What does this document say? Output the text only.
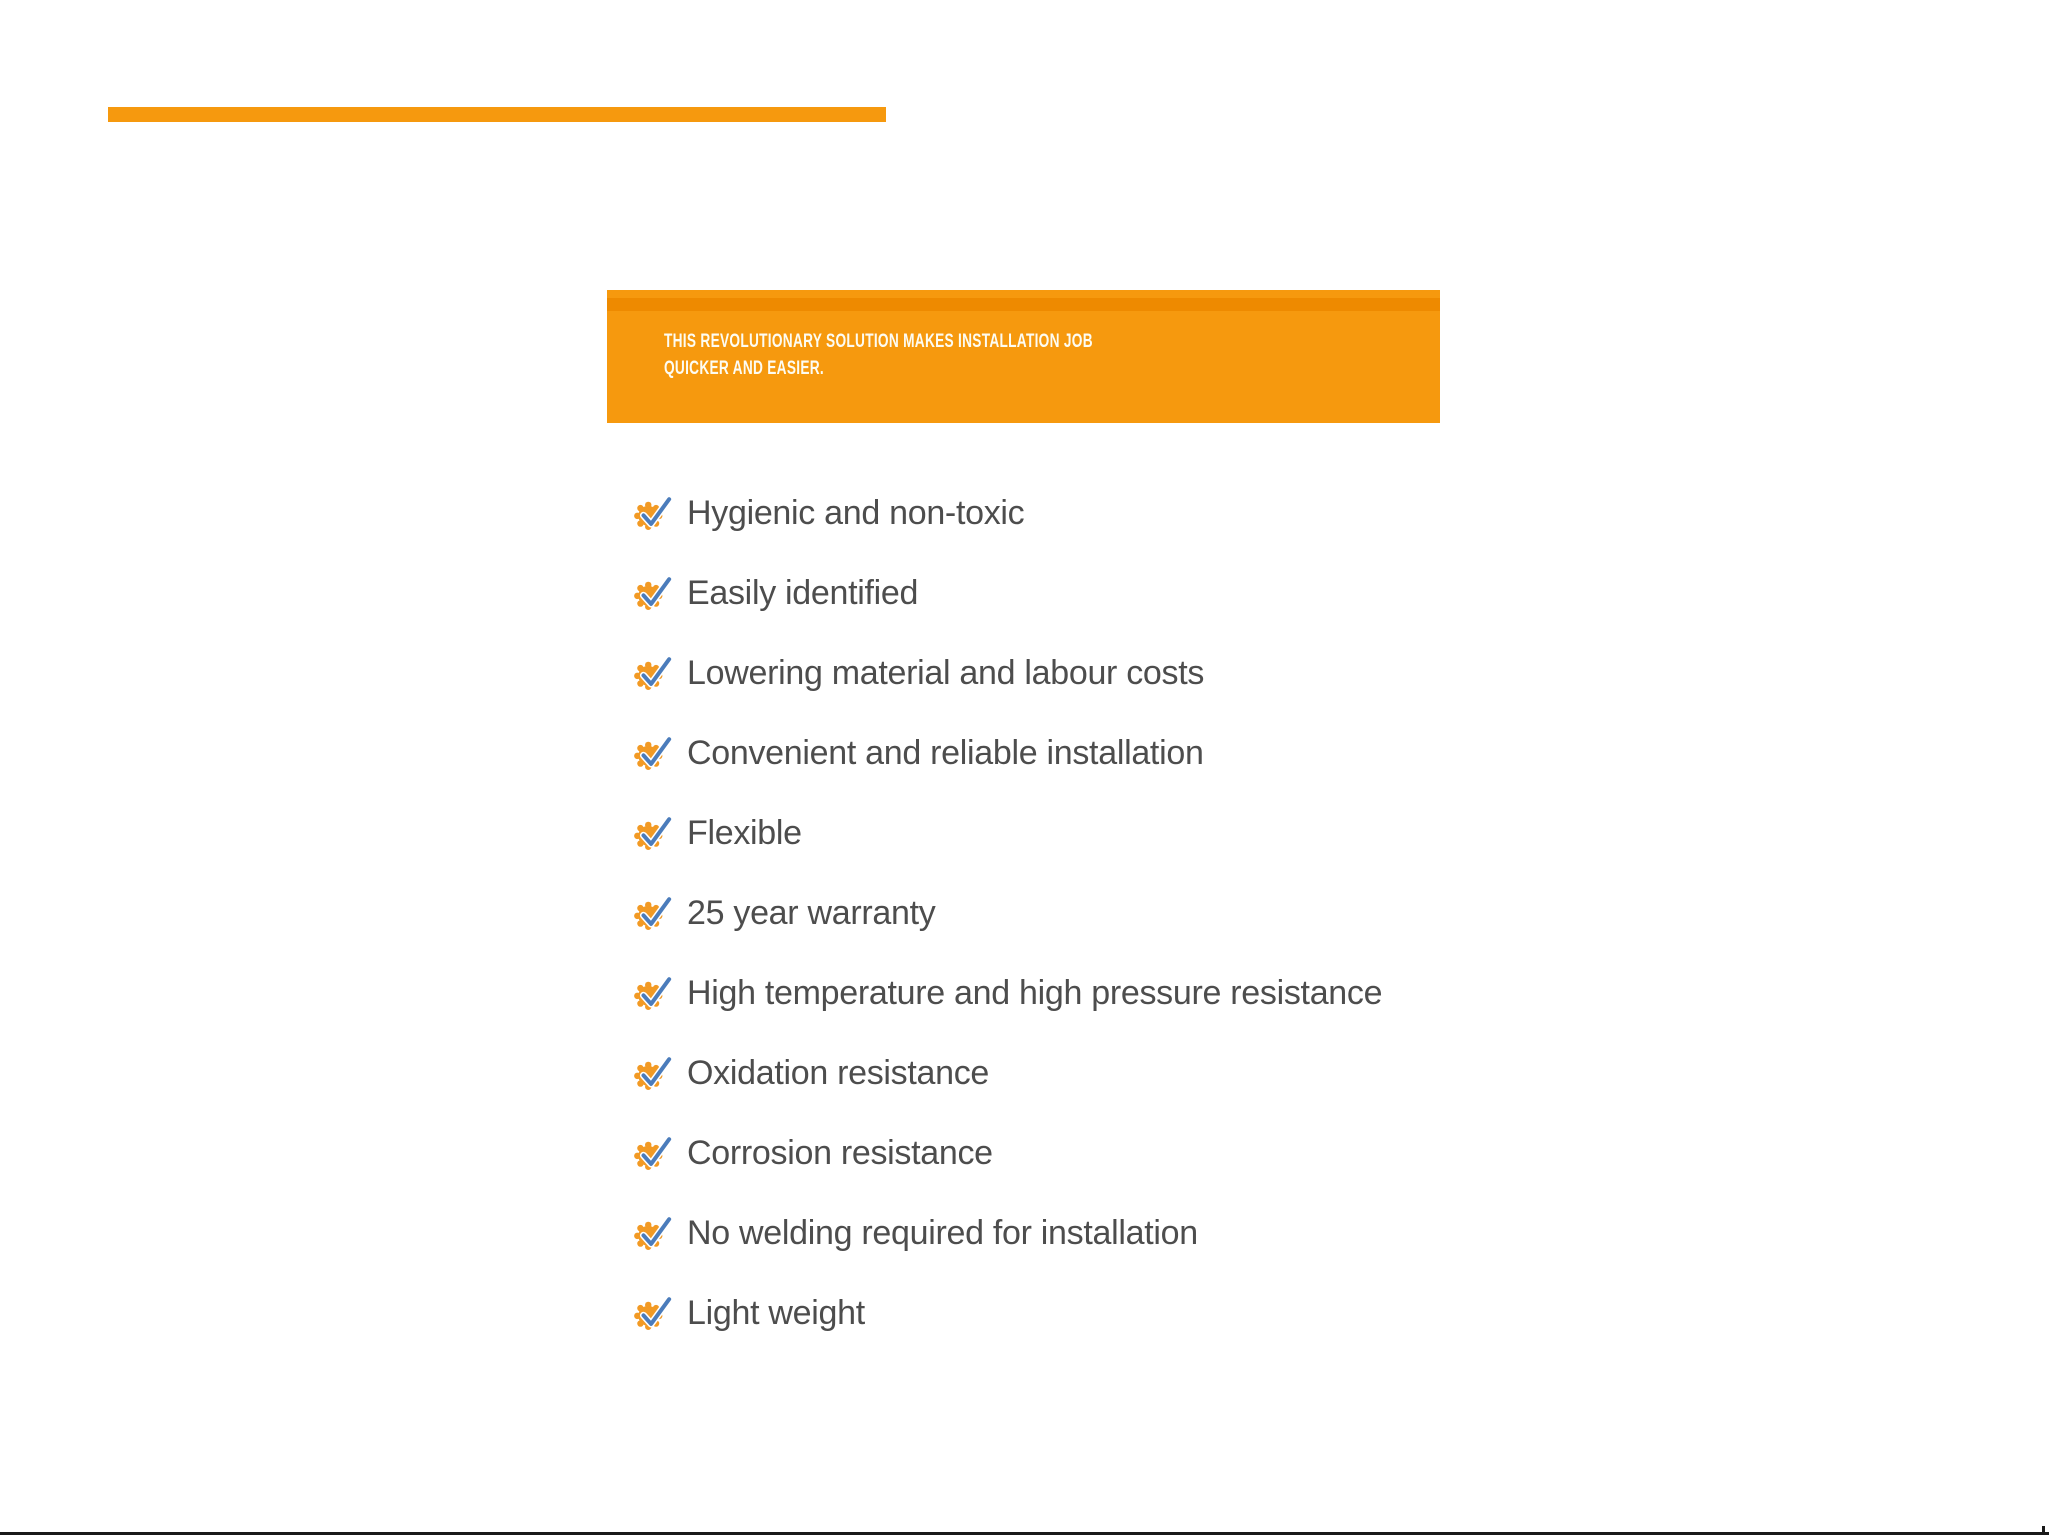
THIS REVOLUTIONARY SOLUTION MAKES INSTALLATION JOB
QUICKER AND EASIER.
Hygienic and non-toxic
Easily identified
Lowering material and labour costs
Convenient and reliable installation
Flexible
25 year warranty
High temperature and high pressure resistance
Oxidation resistance
Corrosion resistance
No welding required for installation
Light weight
